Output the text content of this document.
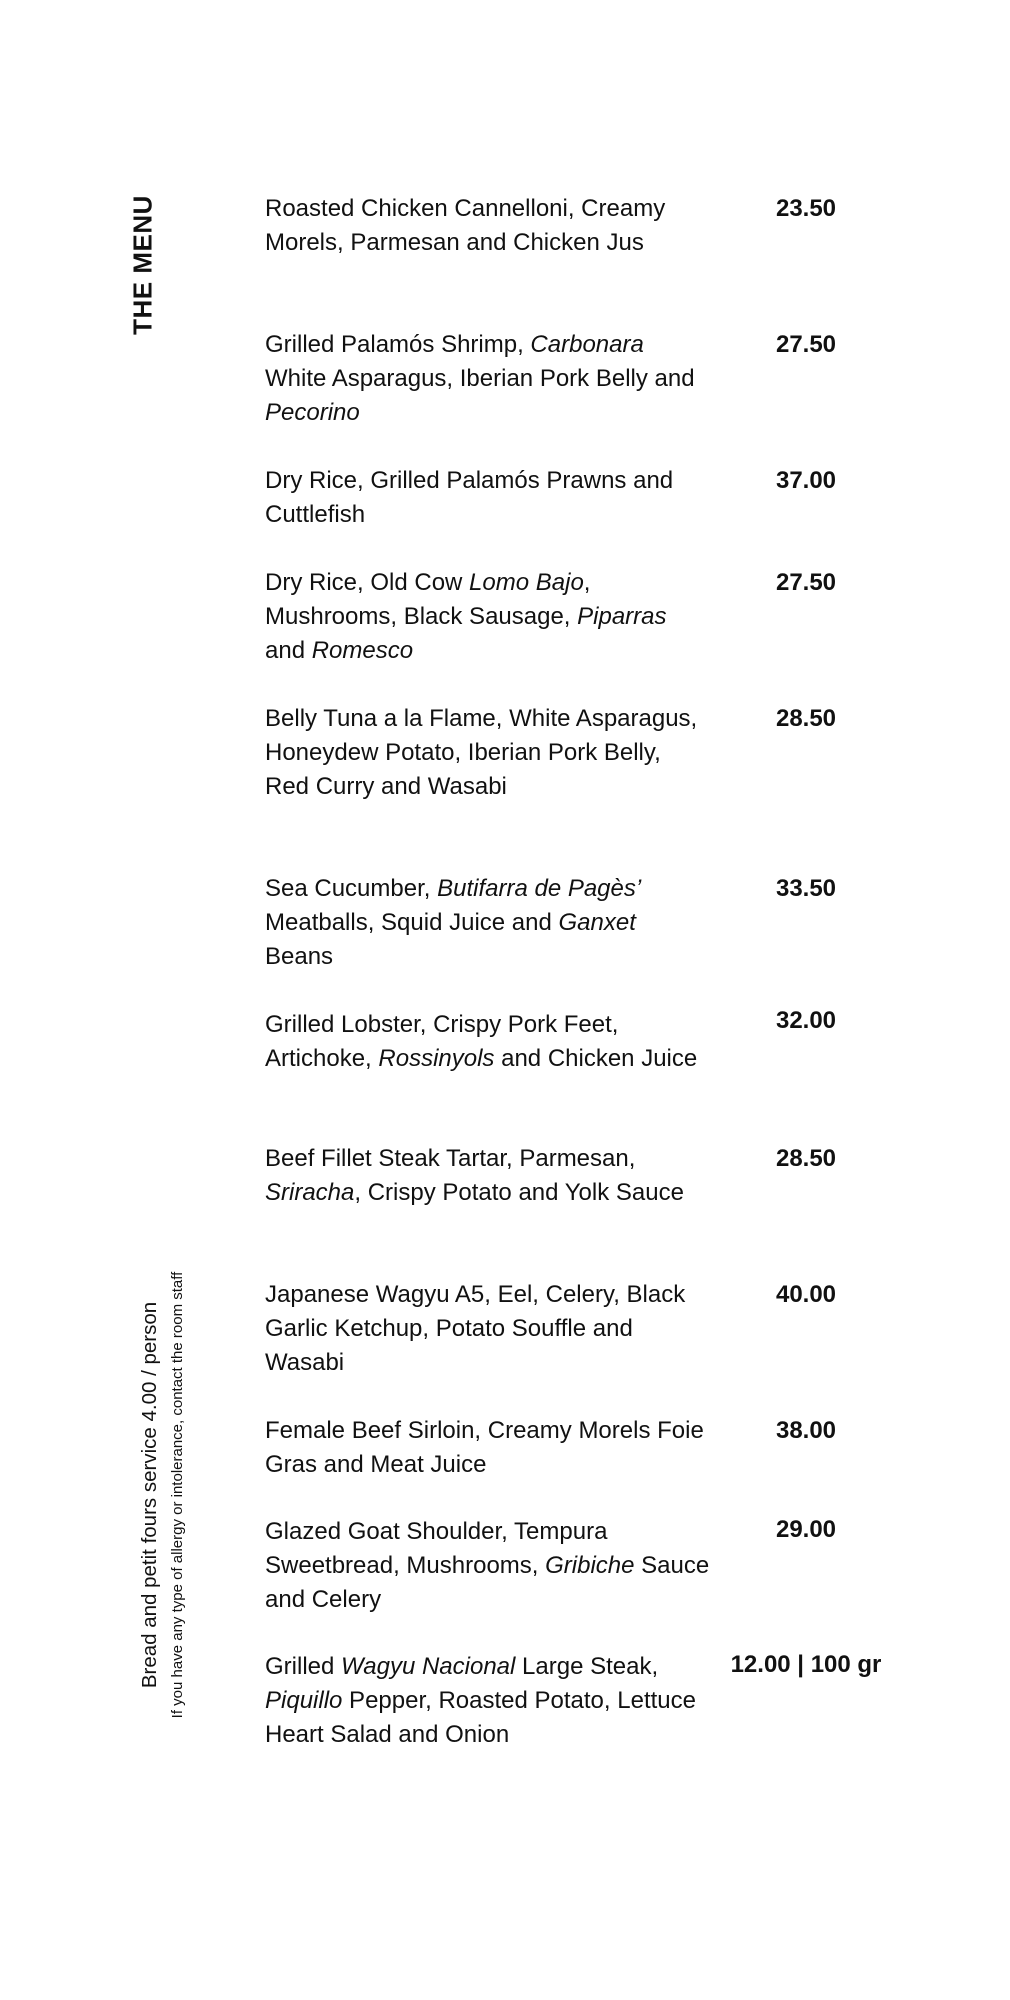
THE MENU
Bread and petit fours service 4.00 / person If you have any type of allergy or intolerance, contact the room staff
Roasted Chicken Cannelloni, Creamy Morels, Parmesan and Chicken Jus
23.50
Grilled Palamós Shrimp, Carbonara White Asparagus, Iberian Pork Belly and Pecorino
27.50
Dry Rice, Grilled Palamós Prawns and Cuttlefish
37.00
Dry Rice, Old Cow Lomo Bajo, Mushrooms, Black Sausage, Piparras and Romesco
27.50
Belly Tuna a la Flame, White Asparagus, Honeydew Potato, Iberian Pork Belly, Red Curry and Wasabi
28.50
Sea Cucumber, Butifarra de Pagès’ Meatballs, Squid Juice and Ganxet Beans
33.50
Grilled Lobster, Crispy Pork Feet, Artichoke, Rossinyols and Chicken Juice
32.00
Beef Fillet Steak Tartar, Parmesan, Sriracha, Crispy Potato and Yolk Sauce
28.50
Japanese Wagyu A5, Eel, Celery, Black Garlic Ketchup, Potato Souffle and Wasabi
40.00
Female Beef Sirloin, Creamy Morels Foie Gras and Meat Juice
38.00
Glazed Goat Shoulder, Tempura Sweetbread, Mushrooms, Gribiche Sauce and Celery
29.00
Grilled Wagyu Nacional Large Steak, Piquillo Pepper, Roasted Potato, Lettuce Heart Salad and Onion
12.00 | 100 gr
